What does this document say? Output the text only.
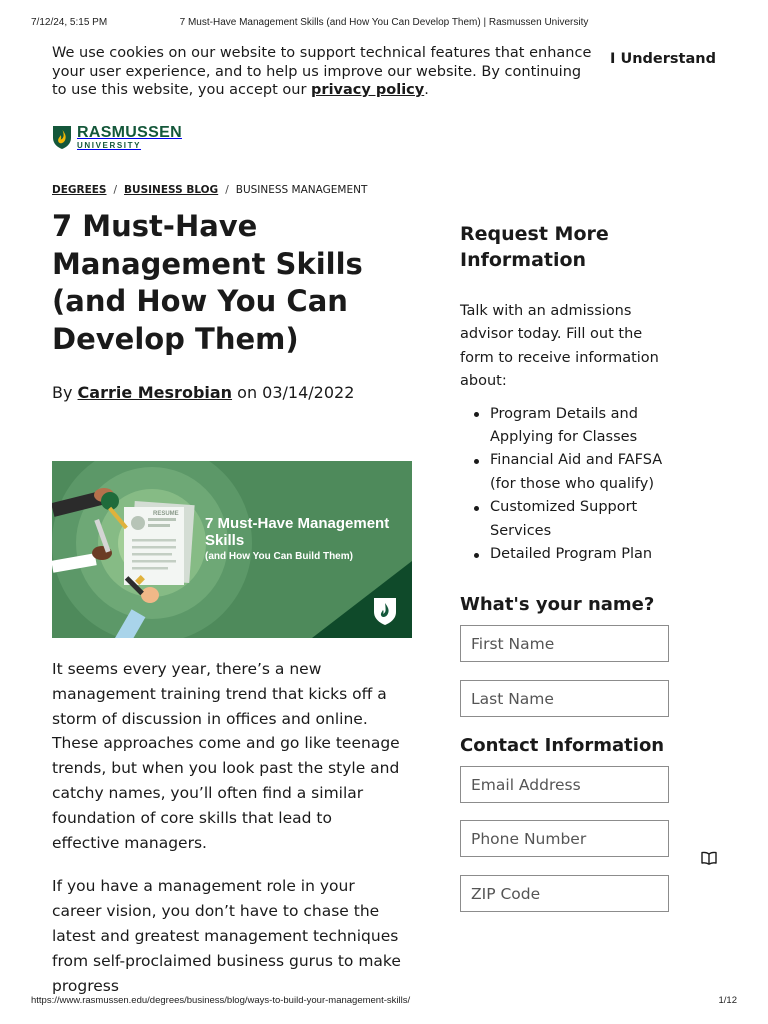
7/12/24, 5:15 PM	7 Must-Have Management Skills (and How You Can Develop Them) | Rasmussen University

We use cookies on our website to support technical features that enhance your user experience, and to help us improve our website. By continuing to use this website, you accept our privacy policy.

I Understand
RASMUSSEN
UNIVERSITY
DEGREES / BUSINESS BLOG / BUSINESS MANAGEMENT
7 Must-Have Management Skills (and How You Can Develop Them)

By Carrie Mesrobian on 03/14/2022

RESUME
7 Must-Have Management Skills
(and How You Can Build Them)

It seems every year, there’s a new management training trend that kicks off a storm of discussion in offices and online. These approaches come and go like teenage trends, but when you look past the style and catchy names, you’ll often find a similar foundation of core skills that lead to effective managers.

If you have a management role in your career vision, you don’t have to chase the latest and greatest management techniques from self-proclaimed business gurus to make progress

Request More Information

Talk with an admissions advisor today. Fill out the form to receive information about:

Program Details and Applying for Classes
Financial Aid and FAFSA (for those who qualify)
Customized Support Services
Detailed Program Plan
What's your name?
First Name
Last Name
Contact Information
Email Address
Phone Number
ZIP Code
https://www.rasmussen.edu/degrees/business/blog/ways-to-build-your-management-skills/	1/12
